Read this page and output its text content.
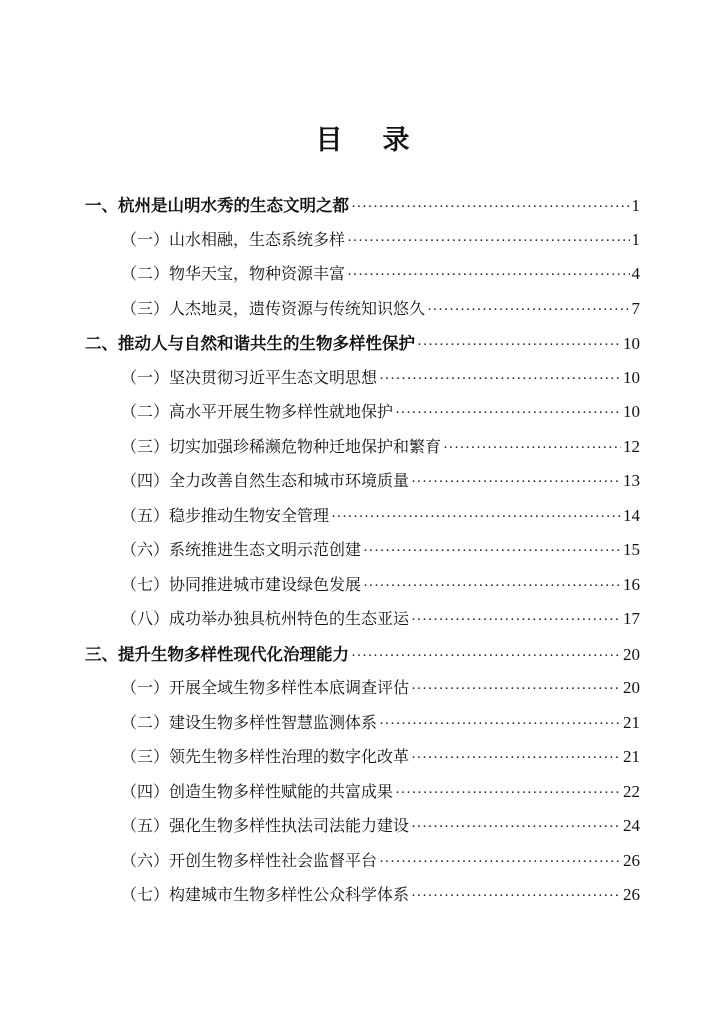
目 录
一、杭州是山明水秀的生态文明之都 ·····	1
（一）山水相融，生态系统多样 ·····	1
（二）物华天宝，物种资源丰富 ·····	4
（三）人杰地灵，遗传资源与传统知识悠久 ·····	7
二、推动人与自然和谐共生的生物多样性保护 ·····	10
（一）坚决贯彻习近平生态文明思想 ·····	10
（二）高水平开展生物多样性就地保护 ·····	10
（三）切实加强珍稀濒危物种迁地保护和繁育 ·····	12
（四）全力改善自然生态和城市环境质量 ·····	13
（五）稳步推动生物安全管理 ·····	14
（六）系统推进生态文明示范创建 ·····	15
（七）协同推进城市建设绿色发展 ·····	16
（八）成功举办独具杭州特色的生态亚运 ·····	17
三、提升生物多样性现代化治理能力 ·····	20
（一）开展全域生物多样性本底调查评估 ·····	20
（二）建设生物多样性智慧监测体系 ·····	21
（三）领先生物多样性治理的数字化改革 ·····	21
（四）创造生物多样性赋能的共富成果 ·····	22
（五）强化生物多样性执法司法能力建设 ·····	24
（六）开创生物多样性社会监督平台 ·····	26
（七）构建城市生物多样性公众科学体系 ·····	26
